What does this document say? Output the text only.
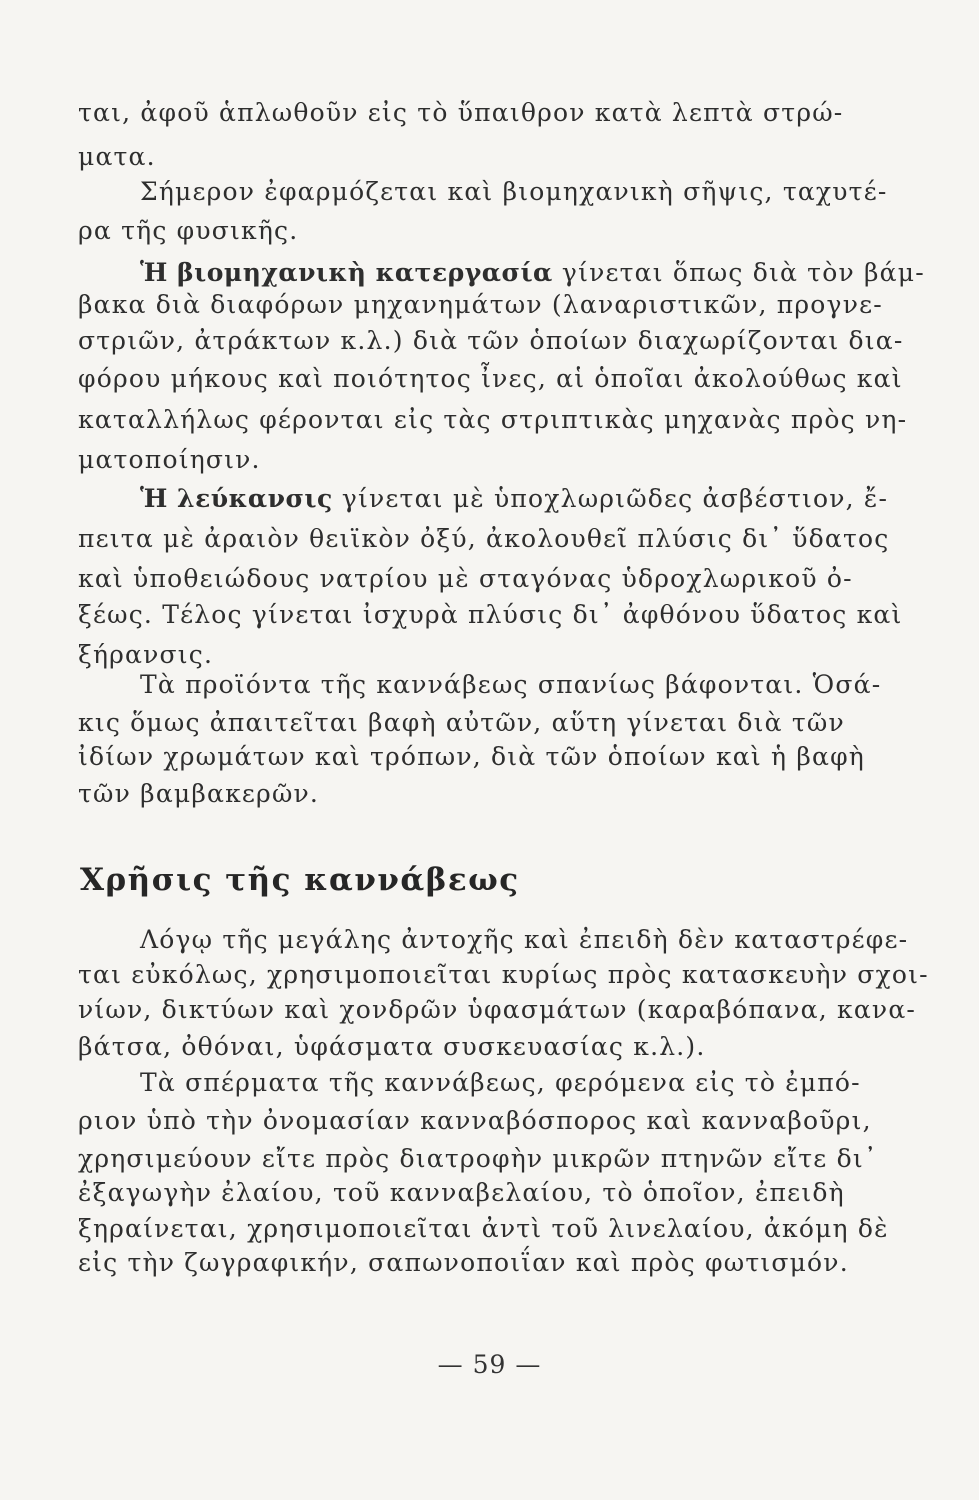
ται, ἀφοῦ ἁπλωθοῦν εἰς τὸ ὕπαιθρον κατὰ λεπτὰ στρώ-
ματα.
Σήμερον ἐφαρμόζεται καὶ βιομηχανικὴ σῆψις, ταχυτέ-
ρα τῆς φυσικῆς.
Ἡ βιομηχανικὴ κατεργασία γίνεται ὅπως διὰ τὸν βάμ-
βακα διὰ διαφόρων μηχανημάτων (λαναριστικῶν, προγνε-
στριῶν, ἀτράκτων κ.λ.) διὰ τῶν ὁποίων διαχωρίζονται δια-
φόρου μήκους καὶ ποιότητος ἶνες, αἱ ὁποῖαι ἀκολούθως καὶ
καταλλήλως φέρονται εἰς τὰς στριπτικὰς μηχανὰς πρὸς νη-
ματοποίησιν.
Ἡ λεύκανσις γίνεται μὲ ὑποχλωριῶδες ἀσβέστιον, ἔ-
πειτα μὲ ἀραιὸν θειϊκὸν ὀξύ, ἀκολουθεῖ πλύσις δι᾿ ὕδατος
καὶ ὑποθειώδους νατρίου μὲ σταγόνας ὑδροχλωρικοῦ ὀ-
ξέως. Τέλος γίνεται ἰσχυρὰ πλύσις δι᾿ ἀφθόνου ὕδατος καὶ
ξήρανσις.
Τὰ προϊόντα τῆς καννάβεως σπανίως βάφονται. Ὁσά-
κις ὅμως ἀπαιτεῖται βαφὴ αὐτῶν, αὕτη γίνεται διὰ τῶν
ἰδίων χρωμάτων καὶ τρόπων, διὰ τῶν ὁποίων καὶ ἡ βαφὴ
τῶν βαμβακερῶν.
Χρῆσις τῆς καννάβεως
Λόγῳ τῆς μεγάλης ἀντοχῆς καὶ ἐπειδὴ δὲν καταστρέφε-
ται εὐκόλως, χρησιμοποιεῖται κυρίως πρὸς κατασκευὴν σχοι-
νίων, δικτύων καὶ χονδρῶν ὑφασμάτων (καραβόπανα, κανα-
βάτσα, ὀθόναι, ὑφάσματα συσκευασίας κ.λ.).
Τὰ σπέρματα τῆς καννάβεως, φερόμενα εἰς τὸ ἐμπό-
ριον ὑπὸ τὴν ὀνομασίαν κανναβόσπορος καὶ κανναβοῦρι,
χρησιμεύουν εἴτε πρὸς διατροφὴν μικρῶν πτηνῶν εἴτε δι᾿
ἐξαγωγὴν ἐλαίου, τοῦ κανναβελαίου, τὸ ὁποῖον, ἐπειδὴ
ξηραίνεται, χρησιμοποιεῖται ἀντὶ τοῦ λινελαίου, ἀκόμη δὲ
εἰς τὴν ζωγραφικήν, σαπωνοποιΐαν καὶ πρὸς φωτισμόν.
— 59 —
